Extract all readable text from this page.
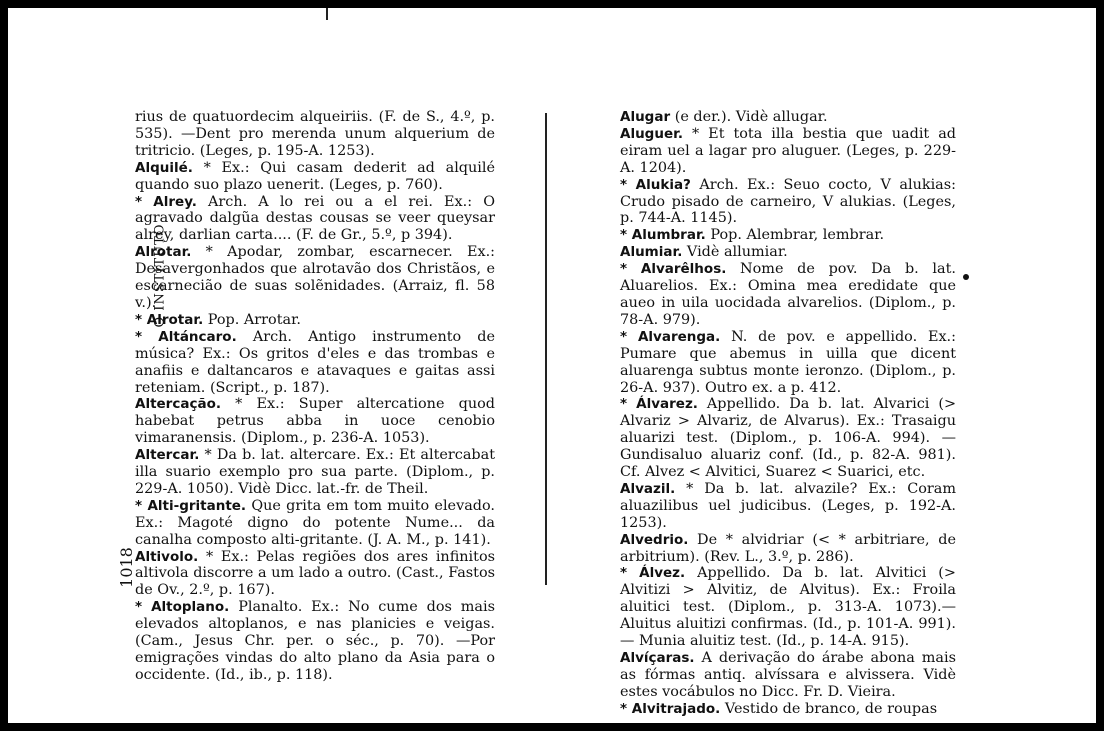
O INSTITUTO
1018

rius de quatuordecim alqueiriis. (F. de S., 4.º, p. 535). —Dent pro merenda unum alquerium de tritricio. (Leges, p. 195-A. 1253).

Alquilé. * Ex.: Qui casam dederit ad alquilé quando suo plazo uenerit. (Leges, p. 760).

* Alrey. Arch. A lo rei ou a el rei. Ex.: O agravado dalgũa destas cousas se veer queysar alrey, darlian carta.... (F. de Gr., 5.º, p 394).

Alrotar. * Apodar, zombar, escarnecer. Ex.: Desavergonhados que alrotavão dos Christãos, e escarnecião de suas solẽnidades. (Arraiz, fl. 58 v.).

* Alrotar. Pop. Arrotar.

* Altáncaro. Arch. Antigo instrumento de música? Ex.: Os gritos d'eles e das trombas e anafiis e daltancaros e atavaques e gaitas assi reteniam. (Script., p. 187).

Altercação. * Ex.: Super altercatione quod habebat petrus abba in uoce cenobio vimaranensis. (Diplom., p. 236-A. 1053).

Altercar. * Da b. lat. altercare. Ex.: Et altercabat illa suario exemplo pro sua parte. (Diplom., p. 229-A. 1050). Vidè Dicc. lat.-fr. de Theil.

* Alti-gritante. Que grita em tom muito elevado. Ex.: Magoté digno do potente Nume... da canalha composto alti-gritante. (J. A. M., p. 141).

Altivolo. * Ex.: Pelas regiões dos ares infinitos altivola discorre a um lado a outro. (Cast., Fastos de Ov., 2.º, p. 167).

* Altoplano. Planalto. Ex.: No cume dos mais elevados altoplanos, e nas planicies e veigas. (Cam., Jesus Chr. per. o séc., p. 70). —Por emigrações vindas do alto plano da Asia para o occidente. (Id., ib., p. 118).

Alugar (e der.). Vidè allugar.

Aluguer. * Et tota illa bestia que uadit ad eiram uel a lagar pro aluguer. (Leges, p. 229-A. 1204).

* Alukia? Arch. Ex.: Seuo cocto, V alukias: Crudo pisado de carneiro, V alukias. (Leges, p. 744-A. 1145).

* Alumbrar. Pop. Alembrar, lembrar.

Alumiar. Vidè allumiar.

* Alvarêlhos. Nome de pov. Da b. lat. Aluarelios. Ex.: Omina mea eredidate que aueo in uila uocidada alvarelios. (Diplom., p. 78-A. 979).

* Alvarenga. N. de pov. e appellido. Ex.: Pumare que abemus in uilla que dicent aluarenga subtus monte ieronzo. (Diplom., p. 26-A. 937). Outro ex. a p. 412.

* Álvarez. Appellido. Da b. lat. Alvarici (> Alvariz > Alvariz, de Alvarus). Ex.: Trasaigu aluarizi test. (Diplom., p. 106-A. 994). — Gundisaluo aluariz conf. (Id., p. 82-A. 981). Cf. Alvez < Alvitici, Suarez < Suarici, etc.

Alvazil. * Da b. lat. alvazile? Ex.: Coram aluazilibus uel judicibus. (Leges, p. 192-A. 1253).

Alvedrio. De * alvidriar (< * arbitriare, de arbitrium). (Rev. L., 3.º, p. 286).

* Álvez. Appellido. Da b. lat. Alvitici (> Alvitizi > Alvitiz, de Alvitus). Ex.: Froila aluitici test. (Diplom., p. 313-A. 1073).—Aluitus aluitizi confirmas. (Id., p. 101-A. 991). — Munia aluitiz test. (Id., p. 14-A. 915).

Alvíçaras. A derivação do árabe abona mais as fórmas antiq. alvíssara e alvissera. Vidè estes vocábulos no Dicc. Fr. D. Vieira.

* Alvitrajado. Vestido de branco, de roupas
